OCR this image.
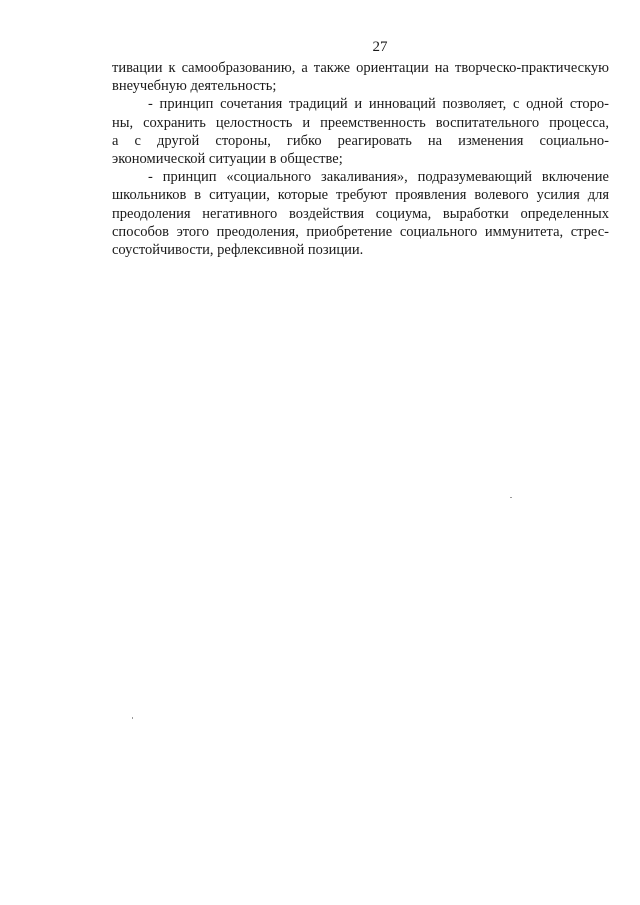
27
тивации к самообразованию, а также ориентации на творческо-практическую
внеучебную деятельность;
- принцип сочетания традиций и инноваций позволяет, с одной сторо-
ны, сохранить целостность и преемственность воспитательного процесса,
а с другой стороны, гибко реагировать на изменения социально-
экономической ситуации в обществе;
- принцип «социального закаливания», подразумевающий включение
школьников в ситуации, которые требуют проявления волевого усилия для
преодоления негативного воздействия социума, выработки определенных
способов этого преодоления, приобретение социального иммунитета, стрес-
соустойчивости, рефлексивной позиции.
